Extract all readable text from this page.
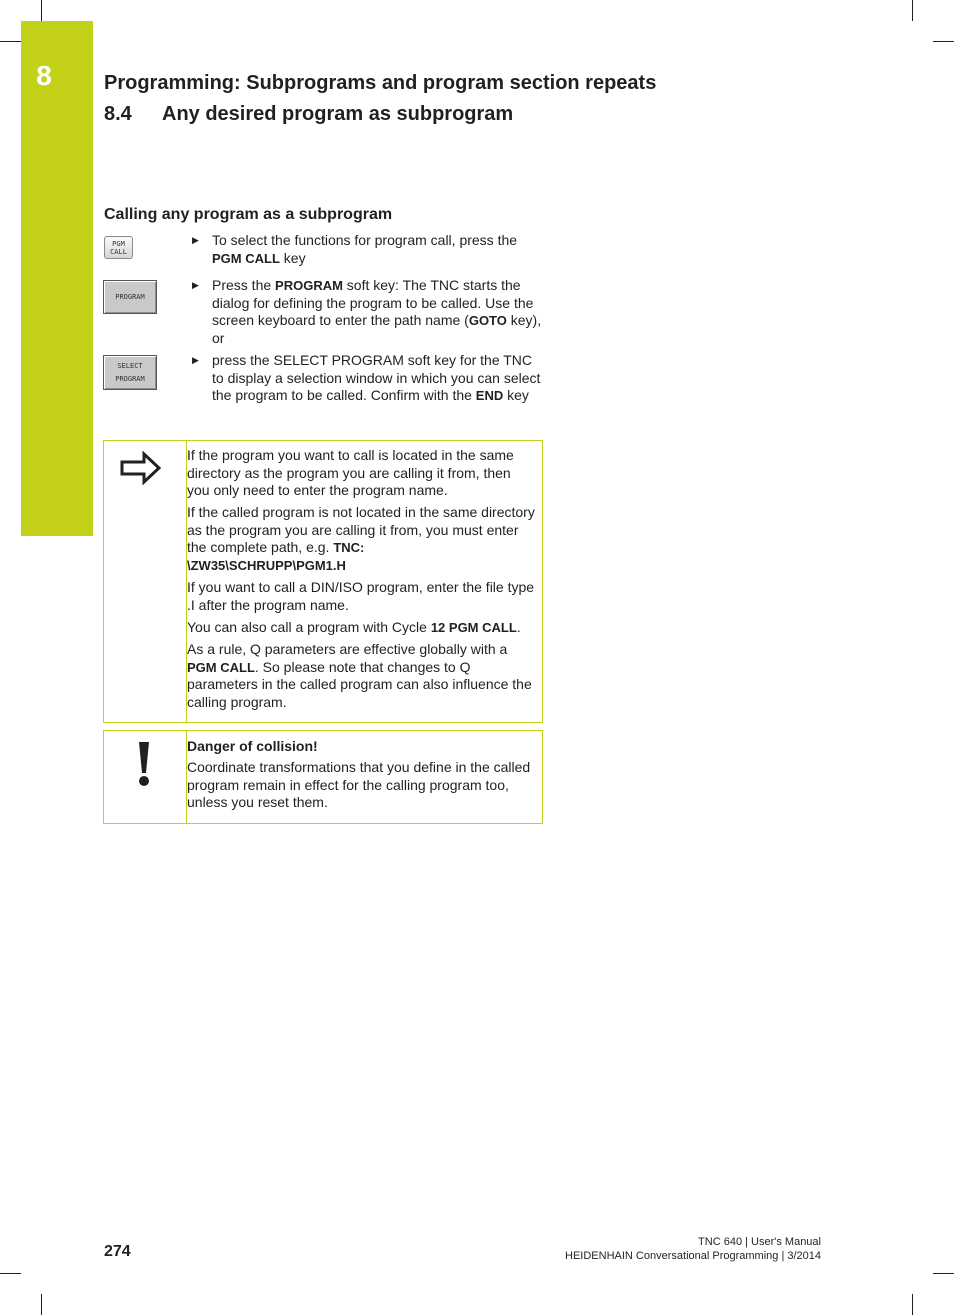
8	Programming: Subprograms and program section repeats
8.4 Any desired program as subprogram
Calling any program as a subprogram
PGM
CALL
PROGRAM
SELECT
PROGRAM
▶ To select the functions for program call, press the PGM CALL key
▶ Press the PROGRAM soft key: The TNC starts the dialog for defining the program to be called. Use the screen keyboard to enter the path name (GOTO key), or
▶ press the SELECT PROGRAM soft key for the TNC to display a selection window in which you can select the program to be called. Confirm with the END key

If the program you want to call is located in the same directory as the program you are calling it from, then you only need to enter the program name.

If the called program is not located in the same directory as the program you are calling it from, you must enter the complete path, e.g. TNC:
\ZW35\SCHRUPP\PGM1.H

If you want to call a DIN/ISO program, enter the file type .I after the program name.

You can also call a program with Cycle 12 PGM CALL.

As a rule, Q parameters are effective globally with a PGM CALL. So please note that changes to Q parameters in the called program can also influence the calling program.

Danger of collision!

Coordinate transformations that you define in the called program remain in effect for the calling program too, unless you reset them.

274
TNC 640 | User's Manual
HEIDENHAIN Conversational Programming | 3/2014
